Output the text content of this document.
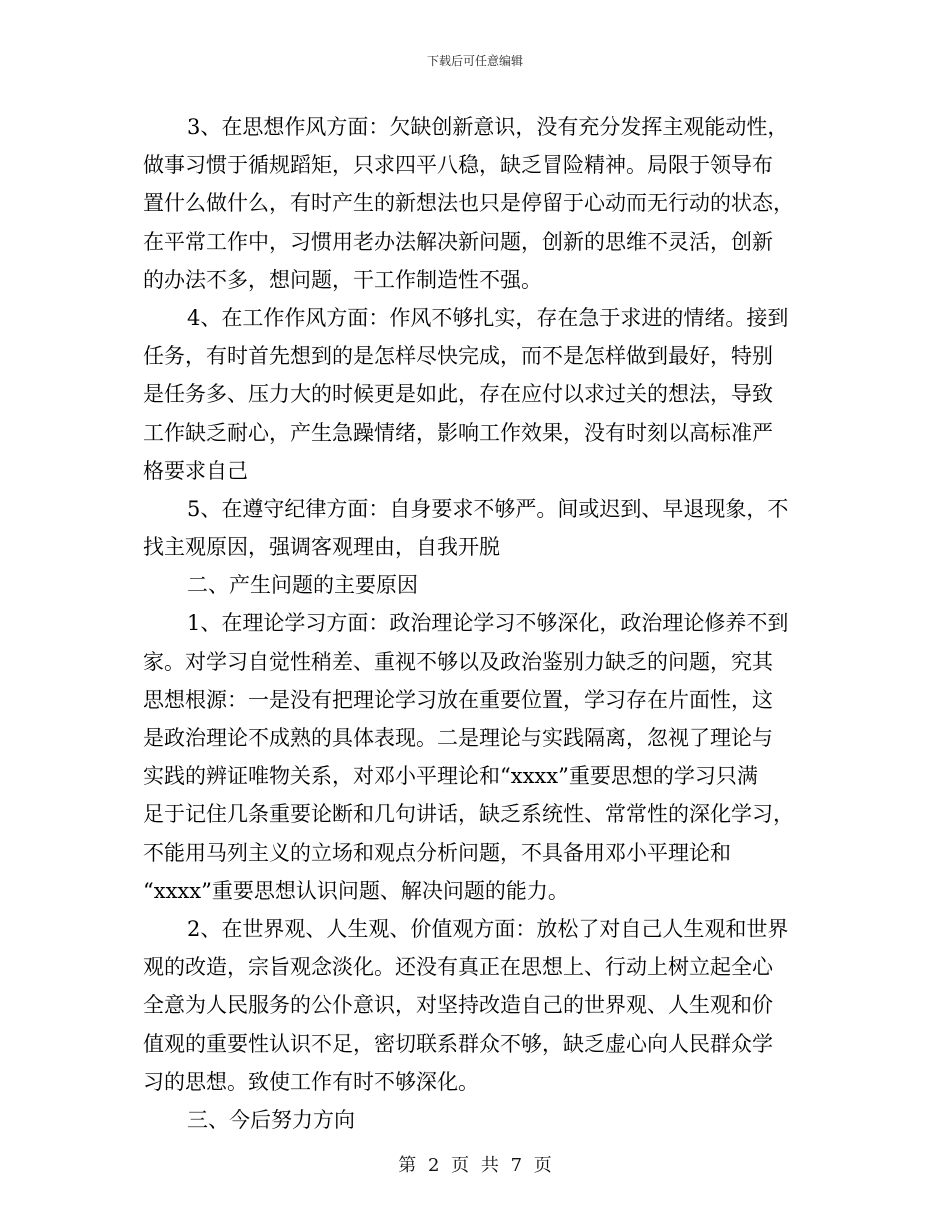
下载后可任意编辑
3、在思想作风方面：欠缺创新意识，没有充分发挥主观能动性，
做事习惯于循规蹈矩，只求四平八稳，缺乏冒险精神。局限于领导布
置什么做什么，有时产生的新想法也只是停留于心动而无行动的状态，
在平常工作中，习惯用老办法解决新问题，创新的思维不灵活，创新
的办法不多，想问题，干工作制造性不强。
4、在工作作风方面：作风不够扎实，存在急于求进的情绪。接到
任务，有时首先想到的是怎样尽快完成，而不是怎样做到最好，特别
是任务多、压力大的时候更是如此，存在应付以求过关的想法，导致
工作缺乏耐心，产生急躁情绪，影响工作效果，没有时刻以高标准严
格要求自己
5、在遵守纪律方面：自身要求不够严。间或迟到、早退现象，不
找主观原因，强调客观理由，自我开脱
二、产生问题的主要原因
1、在理论学习方面：政治理论学习不够深化，政治理论修养不到
家。对学习自觉性稍差、重视不够以及政治鉴别力缺乏的问题，究其
思想根源：一是没有把理论学习放在重要位置，学习存在片面性，这
是政治理论不成熟的具体表现。二是理论与实践隔离，忽视了理论与
实践的辨证唯物关系，对邓小平理论和“xxxx”重要思想的学习只满
足于记住几条重要论断和几句讲话，缺乏系统性、常常性的深化学习，
不能用马列主义的立场和观点分析问题，不具备用邓小平理论和
“xxxx”重要思想认识问题、解决问题的能力。
2、在世界观、人生观、价值观方面：放松了对自己人生观和世界
观的改造，宗旨观念淡化。还没有真正在思想上、行动上树立起全心
全意为人民服务的公仆意识，对坚持改造自己的世界观、人生观和价
值观的重要性认识不足，密切联系群众不够，缺乏虚心向人民群众学
习的思想。致使工作有时不够深化。
三、今后努力方向
第 2 页 共 7 页
